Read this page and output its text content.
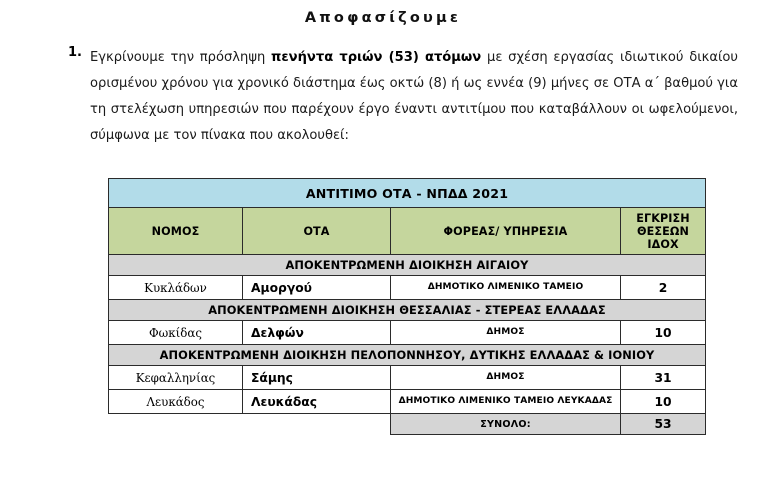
Αποφασίζουμε
1. Εγκρίνουμε την πρόσληψη πενήντα τριών (53) ατόμων με σχέση εργασίας ιδιωτικού δικαίου ορισμένου χρόνου για χρονικό διάστημα έως οκτώ (8) ή ως εννέα (9) μήνες σε ΟΤΑ α΄ βαθμού για τη στελέχωση υπηρεσιών που παρέχουν έργο έναντι αντιτίμου που καταβάλλουν οι ωφελούμενοι, σύμφωνα με τον πίνακα που ακολουθεί:
ΑΝΤΙΤΙΜΟ ΟΤΑ - ΝΠΔΔ 2021			
ΝΟΜΟΣ	ΟΤΑ	ΦΟΡΕΑΣ/ ΥΠΗΡΕΣΙΑ	ΕΓΚΡΙΣΗ ΘΕΣΕΩΝ ΙΔΟΧ
ΑΠΟΚΕΝΤΡΩΜΕΝΗ ΔΙΟΙΚΗΣΗ ΑΙΓΑΙΟΥ			
Κυκλάδων	Αμοργού	ΔΗΜΟΤΙΚΟ ΛΙΜΕΝΙΚΟ ΤΑΜΕΙΟ	2
ΑΠΟΚΕΝΤΡΩΜΕΝΗ ΔΙΟΙΚΗΣΗ ΘΕΣΣΑΛΙΑΣ - ΣΤΕΡΕΑΣ ΕΛΛΑΔΑΣ			
Φωκίδας	Δελφών	ΔΗΜΟΣ	10
ΑΠΟΚΕΝΤΡΩΜΕΝΗ ΔΙΟΙΚΗΣΗ ΠΕΛΟΠΟΝΝΗΣΟΥ, ΔΥΤΙΚΗΣ ΕΛΛΑΔΑΣ & ΙΟΝΙΟΥ			
Κεφαλληνίας	Σάμης	ΔΗΜΟΣ	31
Λευκάδος	Λευκάδας	ΔΗΜΟΤΙΚΟ ΛΙΜΕΝΙΚΟ ΤΑΜΕΙΟ ΛΕΥΚΑΔΑΣ	10
		ΣΥΝΟΛΟ:	53
